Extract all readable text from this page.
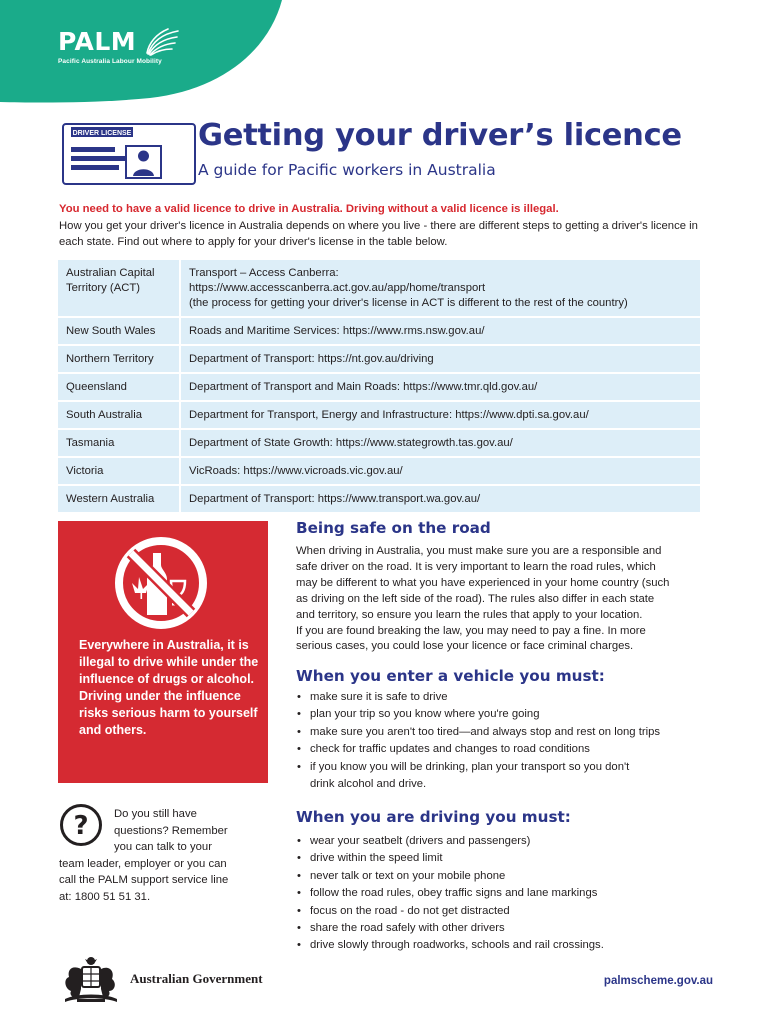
PALM
Pacific Australia Labour Mobility
DRIVER LICENSE Getting your driver’s licence
A guide for Pacific workers in Australia
You need to have a valid licence to drive in Australia. Driving without a valid licence is illegal.
How you get your driver's licence in Australia depends on where you live - there are different steps to getting a driver's licence in each state. Find out where to apply for your driver's license in the table below.
Australian Capital Territory (ACT)	Transport – Access Canberra:
https://www.accesscanberra.act.gov.au/app/home/transport
(the process for getting your driver's license in ACT is different to the rest of the country)

New South Wales	Roads and Maritime Services: https://www.rms.nsw.gov.au/
Northern Territory	Department of Transport: https://nt.gov.au/driving
Queensland	Department of Transport and Main Roads: https://www.tmr.qld.gov.au/
South Australia	Department for Transport, Energy and Infrastructure: https://www.dpti.sa.gov.au/
Tasmania	Department of State Growth: https://www.stategrowth.tas.gov.au/
Victoria	VicRoads: https://www.vicroads.vic.gov.au/
Western Australia	Department of Transport: https://www.transport.wa.gov.au/
Everywhere in Australia, it is illegal to drive while under the influence of drugs or alcohol. Driving under the influence risks serious harm to yourself and others.
?	Do you still have
questions? Remember
you can talk to your
team leader, employer or you can
call the PALM support service line
at: 1800 51 51 31.
Being safe on the road
When driving in Australia, you must make sure you are a responsible and
safe driver on the road. It is very important to learn the road rules, which
may be different to what you have experienced in your home country (such
as driving on the left side of the road). The rules also differ in each state
and territory, so ensure you learn the rules that apply to your location.
If you are found breaking the law, you may need to pay a fine. In more
serious cases, you could lose your licence or face criminal charges.
When you enter a vehicle you must:
• make sure it is safe to drive
• plan your trip so you know where you're going
• make sure you aren't too tired—and always stop and rest on long trips
• check for traffic updates and changes to road conditions
• if you know you will be drinking, plan your transport so you don't
drink alcohol and drive.
When you are driving you must:
• wear your seatbelt (drivers and passengers)
• drive within the speed limit
• never talk or text on your mobile phone
• follow the road rules, obey traffic signs and lane markings
• focus on the road - do not get distracted
• share the road safely with other drivers
• drive slowly through roadworks, schools and rail crossings.
Australian Government	palmscheme.gov.au
